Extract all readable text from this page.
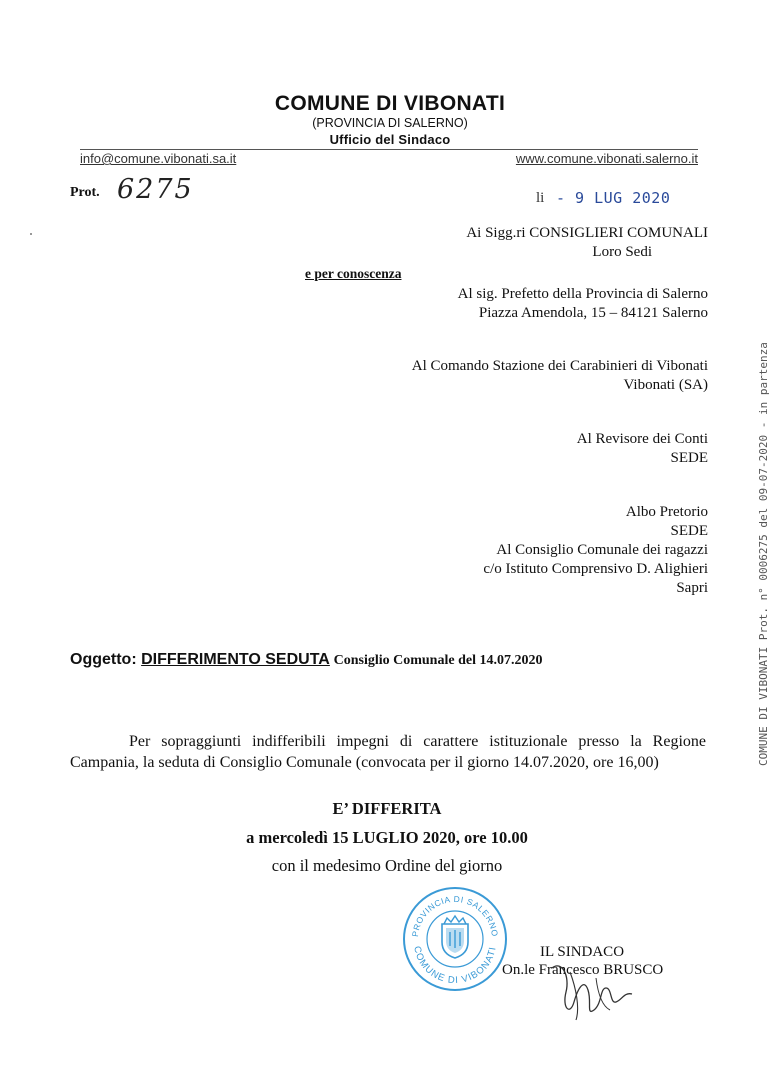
COMUNE DI VIBONATI
(PROVINCIA DI SALERNO)
Ufficio del Sindaco
info@comune.vibonati.sa.it	www.comune.vibonati.salerno.it
Prot. 6275	li - 9 LUG 2020
Ai Sigg.ri CONSIGLIERI COMUNALI
Loro Sedi
e per conoscenza
Al sig. Prefetto della Provincia di Salerno
Piazza Amendola, 15 – 84121 Salerno
Al Comando Stazione dei Carabinieri di Vibonati
Vibonati (SA)
Al Revisore dei Conti
SEDE
Albo Pretorio
SEDE
Al Consiglio Comunale dei ragazzi
c/o Istituto Comprensivo D. Alighieri
Sapri
Oggetto: DIFFERIMENTO SEDUTA Consiglio Comunale del 14.07.2020
Per sopraggiunti indifferibili impegni di carattere istituzionale presso la Regione Campania, la seduta di Consiglio Comunale (convocata per il giorno 14.07.2020, ore 16,00)
E’ DIFFERITA
a mercoledì 15 LUGLIO 2020, ore 10.00
con il medesimo Ordine del giorno
PROVINCIA DI SALERNO
COMUNE DI VIBONATI	IL SINDACO
On.le Francesco BRUSCO
COMUNE DI VIBONATI Prot. n° 0006275 del 09-07-2020 - in partenza
